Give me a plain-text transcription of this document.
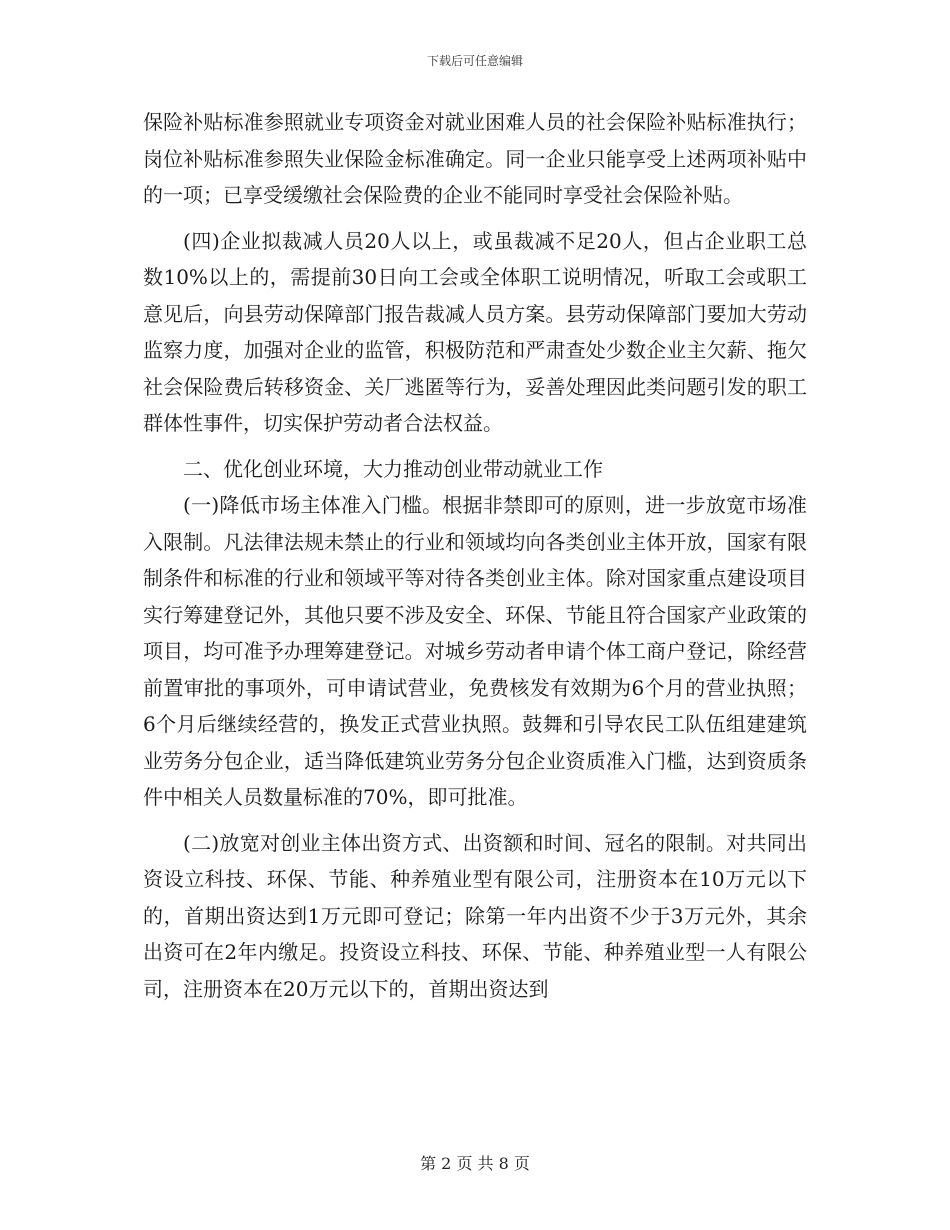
下载后可任意编辑

保险补贴标准参照就业专项资金对就业困难人员的社会保险补贴标准执行；岗位补贴标准参照失业保险金标准确定。同一企业只能享受上述两项补贴中的一项；已享受缓缴社会保险费的企业不能同时享受社会保险补贴。

(四)企业拟裁减人员20人以上，或虽裁减不足20人，但占企业职工总数10%以上的，需提前30日向工会或全体职工说明情况，听取工会或职工意见后，向县劳动保障部门报告裁减人员方案。县劳动保障部门要加大劳动监察力度，加强对企业的监管，积极防范和严肃查处少数企业主欠薪、拖欠社会保险费后转移资金、关厂逃匿等行为，妥善处理因此类问题引发的职工群体性事件，切实保护劳动者合法权益。

二、优化创业环境，大力推动创业带动就业工作

(一)降低市场主体准入门槛。根据非禁即可的原则，进一步放宽市场准入限制。凡法律法规未禁止的行业和领域均向各类创业主体开放，国家有限制条件和标准的行业和领域平等对待各类创业主体。除对国家重点建设项目实行筹建登记外，其他只要不涉及安全、环保、节能且符合国家产业政策的项目，均可准予办理筹建登记。对城乡劳动者申请个体工商户登记，除经营前置审批的事项外，可申请试营业，免费核发有效期为6个月的营业执照；6个月后继续经营的，换发正式营业执照。鼓舞和引导农民工队伍组建建筑业劳务分包企业，适当降低建筑业劳务分包企业资质准入门槛，达到资质条件中相关人员数量标准的70%，即可批准。

(二)放宽对创业主体出资方式、出资额和时间、冠名的限制。对共同出资设立科技、环保、节能、种养殖业型有限公司，注册资本在10万元以下的，首期出资达到1万元即可登记；除第一年内出资不少于3万元外，其余出资可在2年内缴足。投资设立科技、环保、节能、种养殖业型一人有限公司，注册资本在20万元以下的，首期出资达到

第 2 页 共 8 页
